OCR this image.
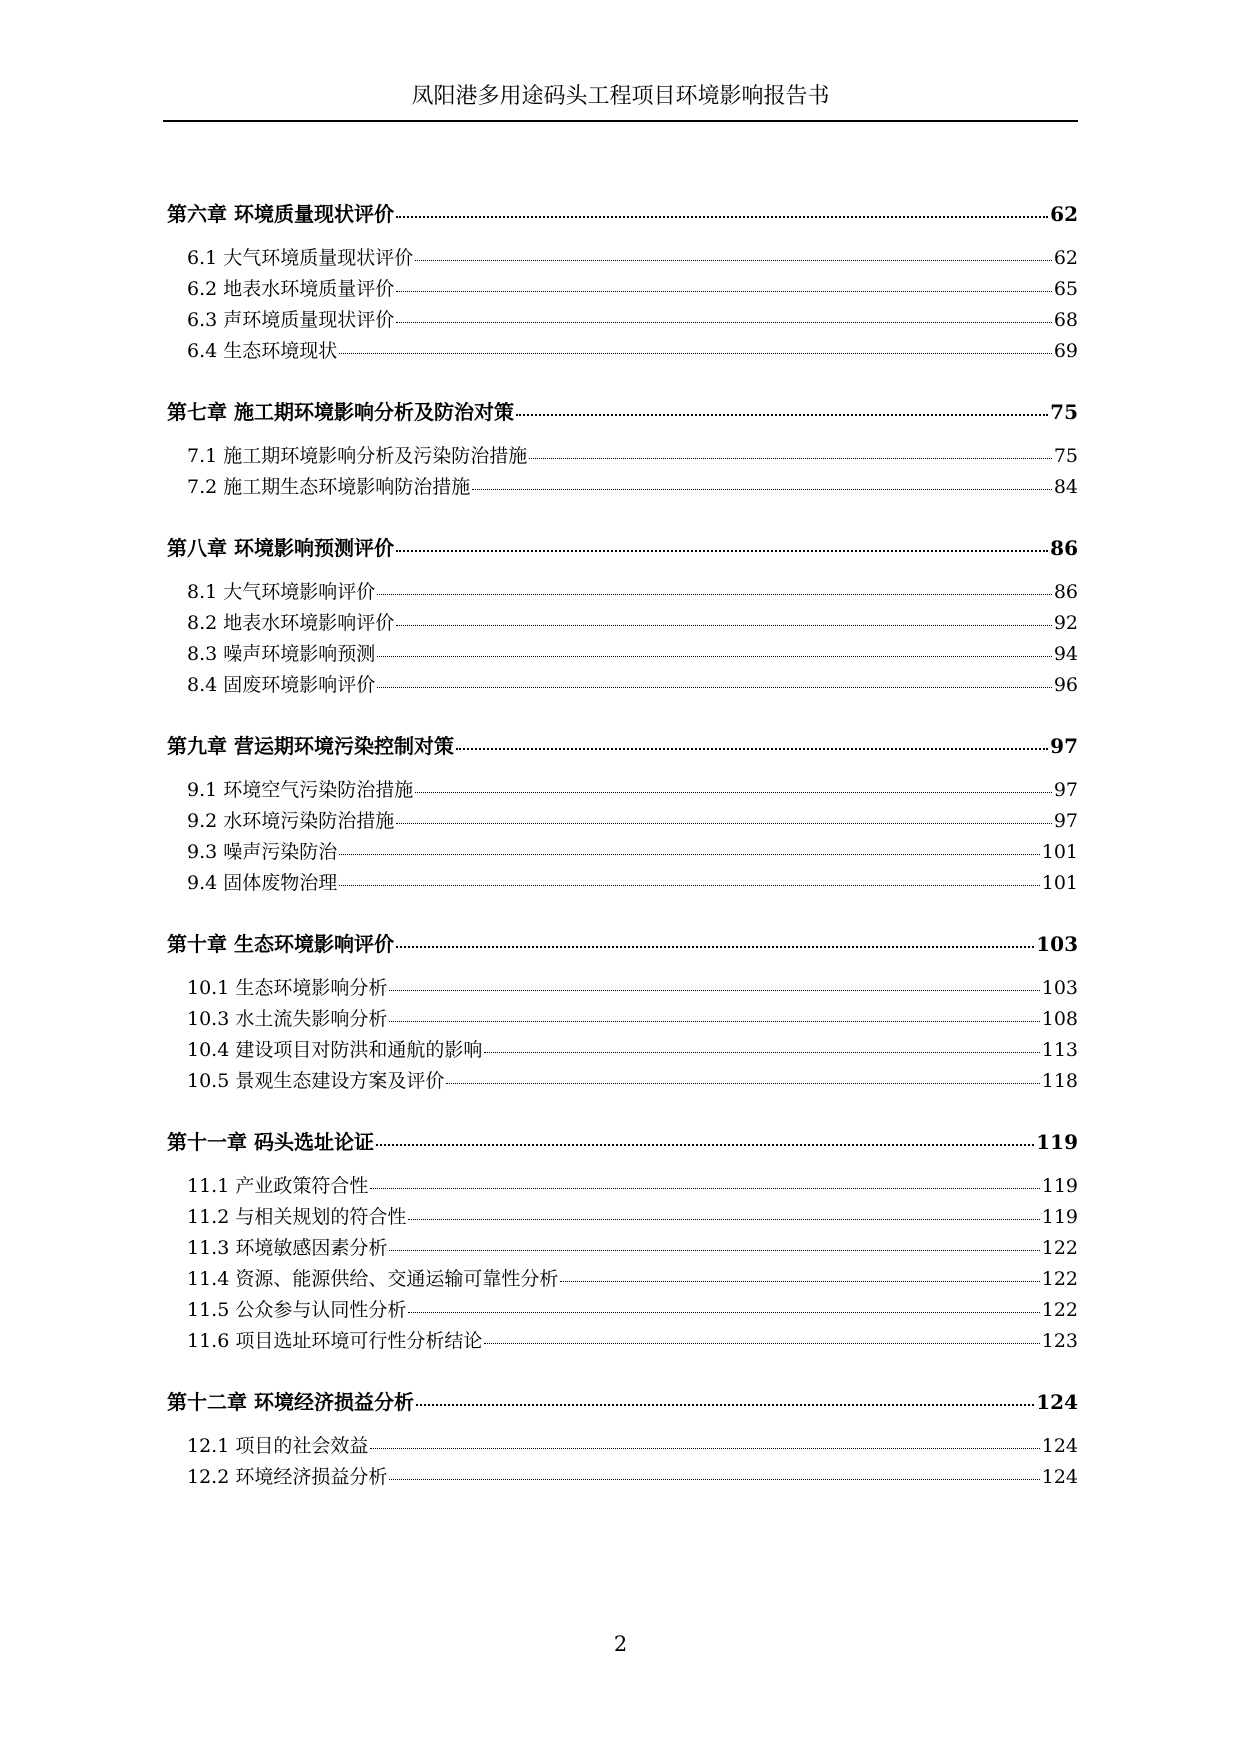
凤阳港多用途码头工程项目环境影响报告书
第六章 环境质量现状评价	62
6.1 大气环境质量现状评价	62
6.2 地表水环境质量评价	65
6.3 声环境质量现状评价	68
6.4 生态环境现状	69
第七章 施工期环境影响分析及防治对策	75
7.1 施工期环境影响分析及污染防治措施	75
7.2 施工期生态环境影响防治措施	84
第八章 环境影响预测评价	86
8.1 大气环境影响评价	86
8.2 地表水环境影响评价	92
8.3 噪声环境影响预测	94
8.4 固废环境影响评价	96
第九章 营运期环境污染控制对策	97
9.1 环境空气污染防治措施	97
9.2 水环境污染防治措施	97
9.3 噪声污染防治	101
9.4 固体废物治理	101
第十章 生态环境影响评价	103
10.1 生态环境影响分析	103
10.3 水土流失影响分析	108
10.4 建设项目对防洪和通航的影响	113
10.5 景观生态建设方案及评价	118
第十一章 码头选址论证	119
11.1 产业政策符合性	119
11.2 与相关规划的符合性	119
11.3 环境敏感因素分析	122
11.4 资源、能源供给、交通运输可靠性分析	122
11.5 公众参与认同性分析	122
11.6 项目选址环境可行性分析结论	123
第十二章 环境经济损益分析	124
12.1 项目的社会效益	124
12.2 环境经济损益分析	124
2
